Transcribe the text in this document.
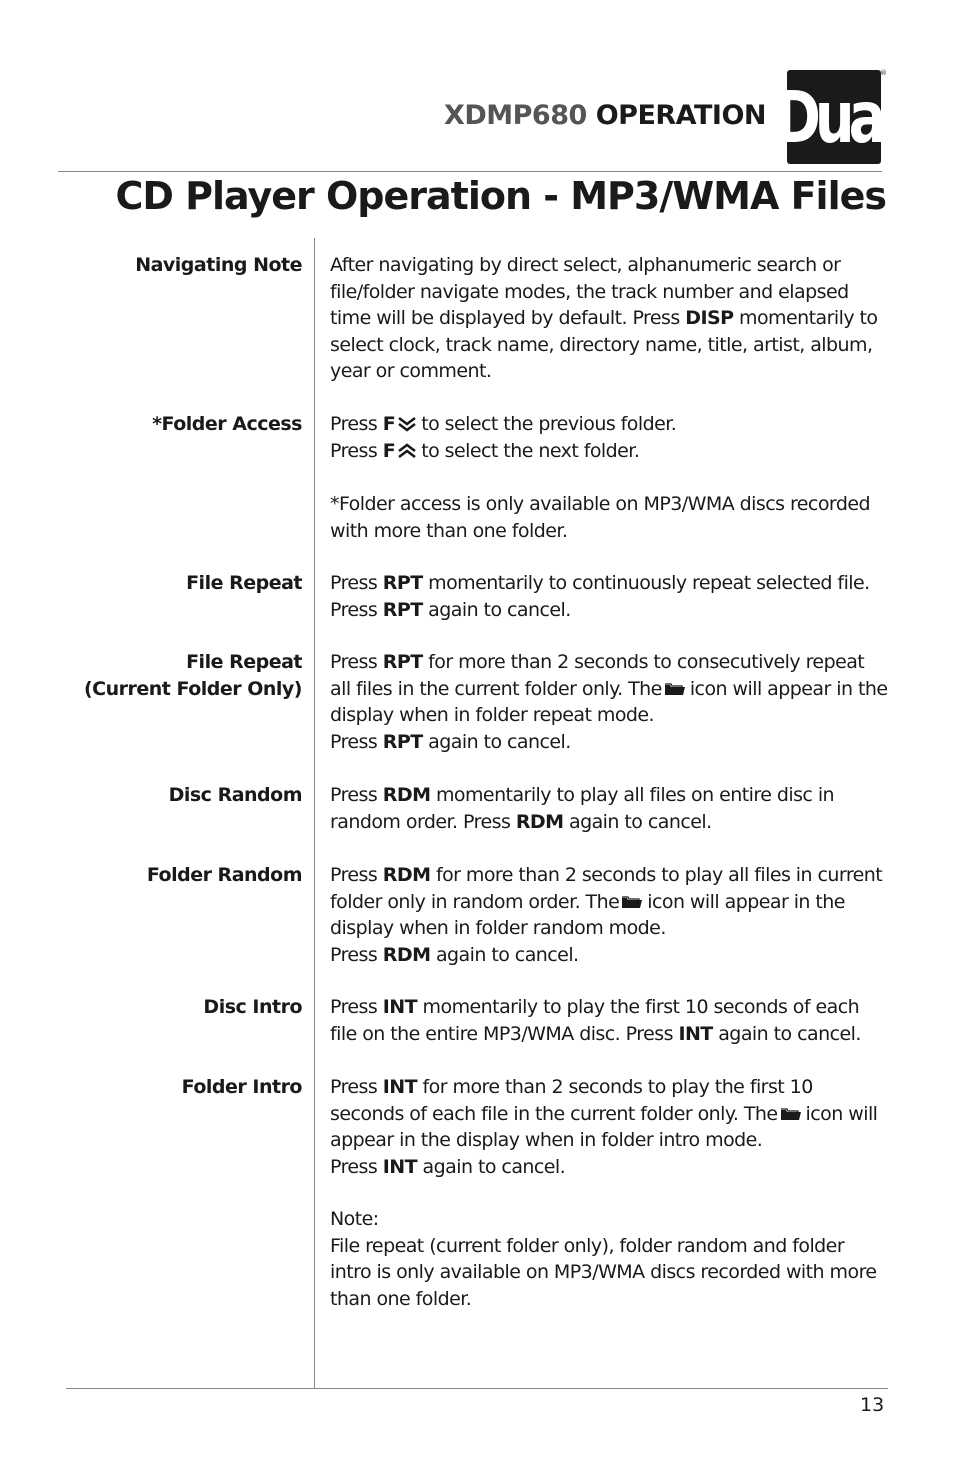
XDMP680 OPERATION Dual
®
CD Player Operation - MP3/WMA Files
Navigating Note After navigating by direct select, alphanumeric search or file/folder navigate modes, the track number and elapsed time will be displayed by default. Press DISP momentarily to select clock, track name, directory name, title, artist, album, year or comment.
*Folder Access Press F to select the previous folder.
Press F to select the next folder.
*Folder access is only available on MP3/WMA discs recorded with more than one folder.
File Repeat Press RPT momentarily to continuously repeat selected file.
Press RPT again to cancel.
File Repeat
(Current Folder Only)
Press RPT for more than 2 seconds to consecutively repeat all files in the current folder only. The icon will appear in the display when in folder repeat mode.
Press RPT again to cancel.
Disc Random Press RDM momentarily to play all files on entire disc in random order. Press RDM again to cancel.
Folder Random Press RDM for more than 2 seconds to play all files in current folder only in random order. The icon will appear in the display when in folder random mode.
Press RDM again to cancel.
Disc Intro Press INT momentarily to play the first 10 seconds of each file on the entire MP3/WMA disc. Press INT again to cancel.
Folder Intro Press INT for more than 2 seconds to play the first 10 seconds of each file in the current folder only. The icon will appear in the display when in folder intro mode.
Press INT again to cancel.
Note:
File repeat (current folder only), folder random and folder intro is only available on MP3/WMA discs recorded with more than one folder.
13
